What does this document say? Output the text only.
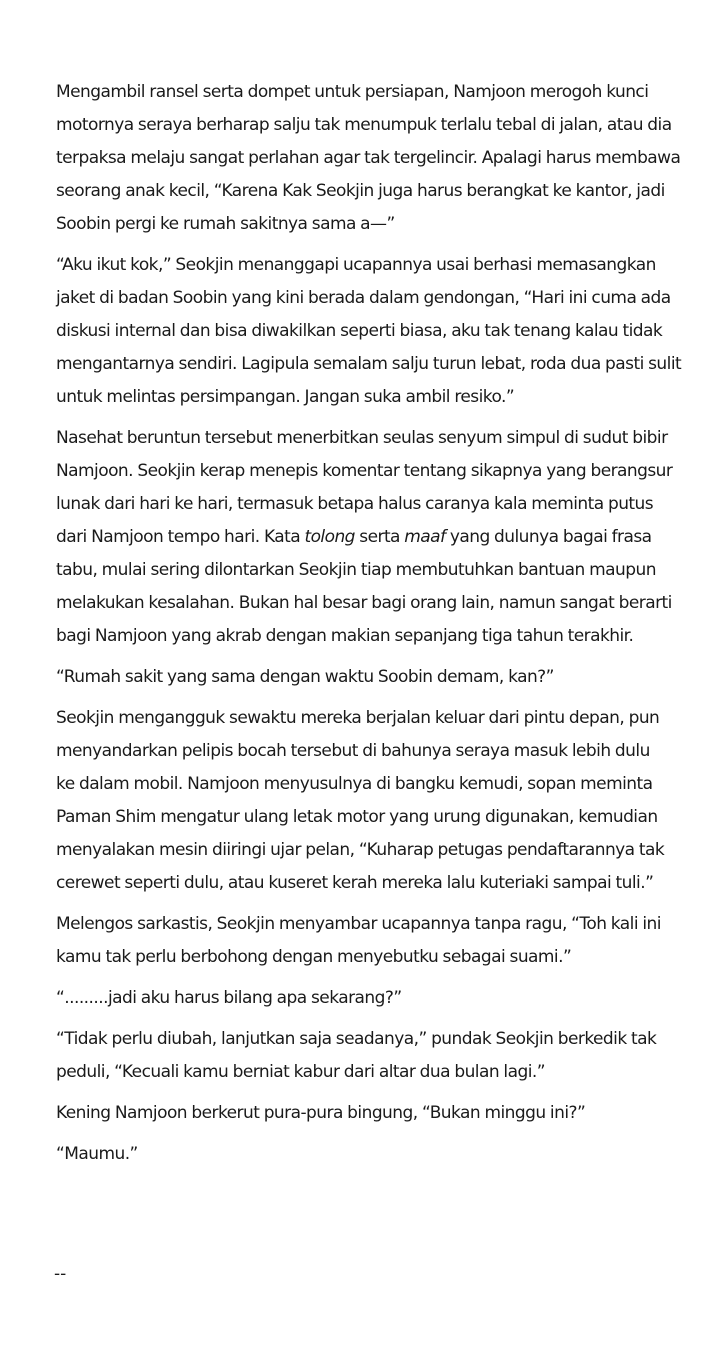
Mengambil ransel serta dompet untuk persiapan, Namjoon merogoh kunci
motornya seraya berharap salju tak menumpuk terlalu tebal di jalan, atau dia
terpaksa melaju sangat perlahan agar tak tergelincir. Apalagi harus membawa
seorang anak kecil, “Karena Kak Seokjin juga harus berangkat ke kantor, jadi
Soobin pergi ke rumah sakitnya sama a—”

“Aku ikut kok,” Seokjin menanggapi ucapannya usai berhasi memasangkan
jaket di badan Soobin yang kini berada dalam gendongan, “Hari ini cuma ada
diskusi internal dan bisa diwakilkan seperti biasa, aku tak tenang kalau tidak
mengantarnya sendiri. Lagipula semalam salju turun lebat, roda dua pasti sulit
untuk melintas persimpangan. Jangan suka ambil resiko.”

Nasehat beruntun tersebut menerbitkan seulas senyum simpul di sudut bibir
Namjoon. Seokjin kerap menepis komentar tentang sikapnya yang berangsur
lunak dari hari ke hari, termasuk betapa halus caranya kala meminta putus
dari Namjoon tempo hari. Kata tolong serta maaf yang dulunya bagai frasa
tabu, mulai sering dilontarkan Seokjin tiap membutuhkan bantuan maupun
melakukan kesalahan. Bukan hal besar bagi orang lain, namun sangat berarti
bagi Namjoon yang akrab dengan makian sepanjang tiga tahun terakhir.

“Rumah sakit yang sama dengan waktu Soobin demam, kan?”

Seokjin mengangguk sewaktu mereka berjalan keluar dari pintu depan, pun
menyandarkan pelipis bocah tersebut di bahunya seraya masuk lebih dulu
ke dalam mobil. Namjoon menyusulnya di bangku kemudi, sopan meminta
Paman Shim mengatur ulang letak motor yang urung digunakan, kemudian
menyalakan mesin diiringi ujar pelan, “Kuharap petugas pendaftarannya tak
cerewet seperti dulu, atau kuseret kerah mereka lalu kuteriaki sampai tuli.”

Melengos sarkastis, Seokjin menyambar ucapannya tanpa ragu, “Toh kali ini
kamu tak perlu berbohong dengan menyebutku sebagai suami.”

“.........jadi aku harus bilang apa sekarang?”

“Tidak perlu diubah, lanjutkan saja seadanya,” pundak Seokjin berkedik tak
peduli, “Kecuali kamu berniat kabur dari altar dua bulan lagi.”

Kening Namjoon berkerut pura-pura bingung, “Bukan minggu ini?”

“Maumu.”

--
